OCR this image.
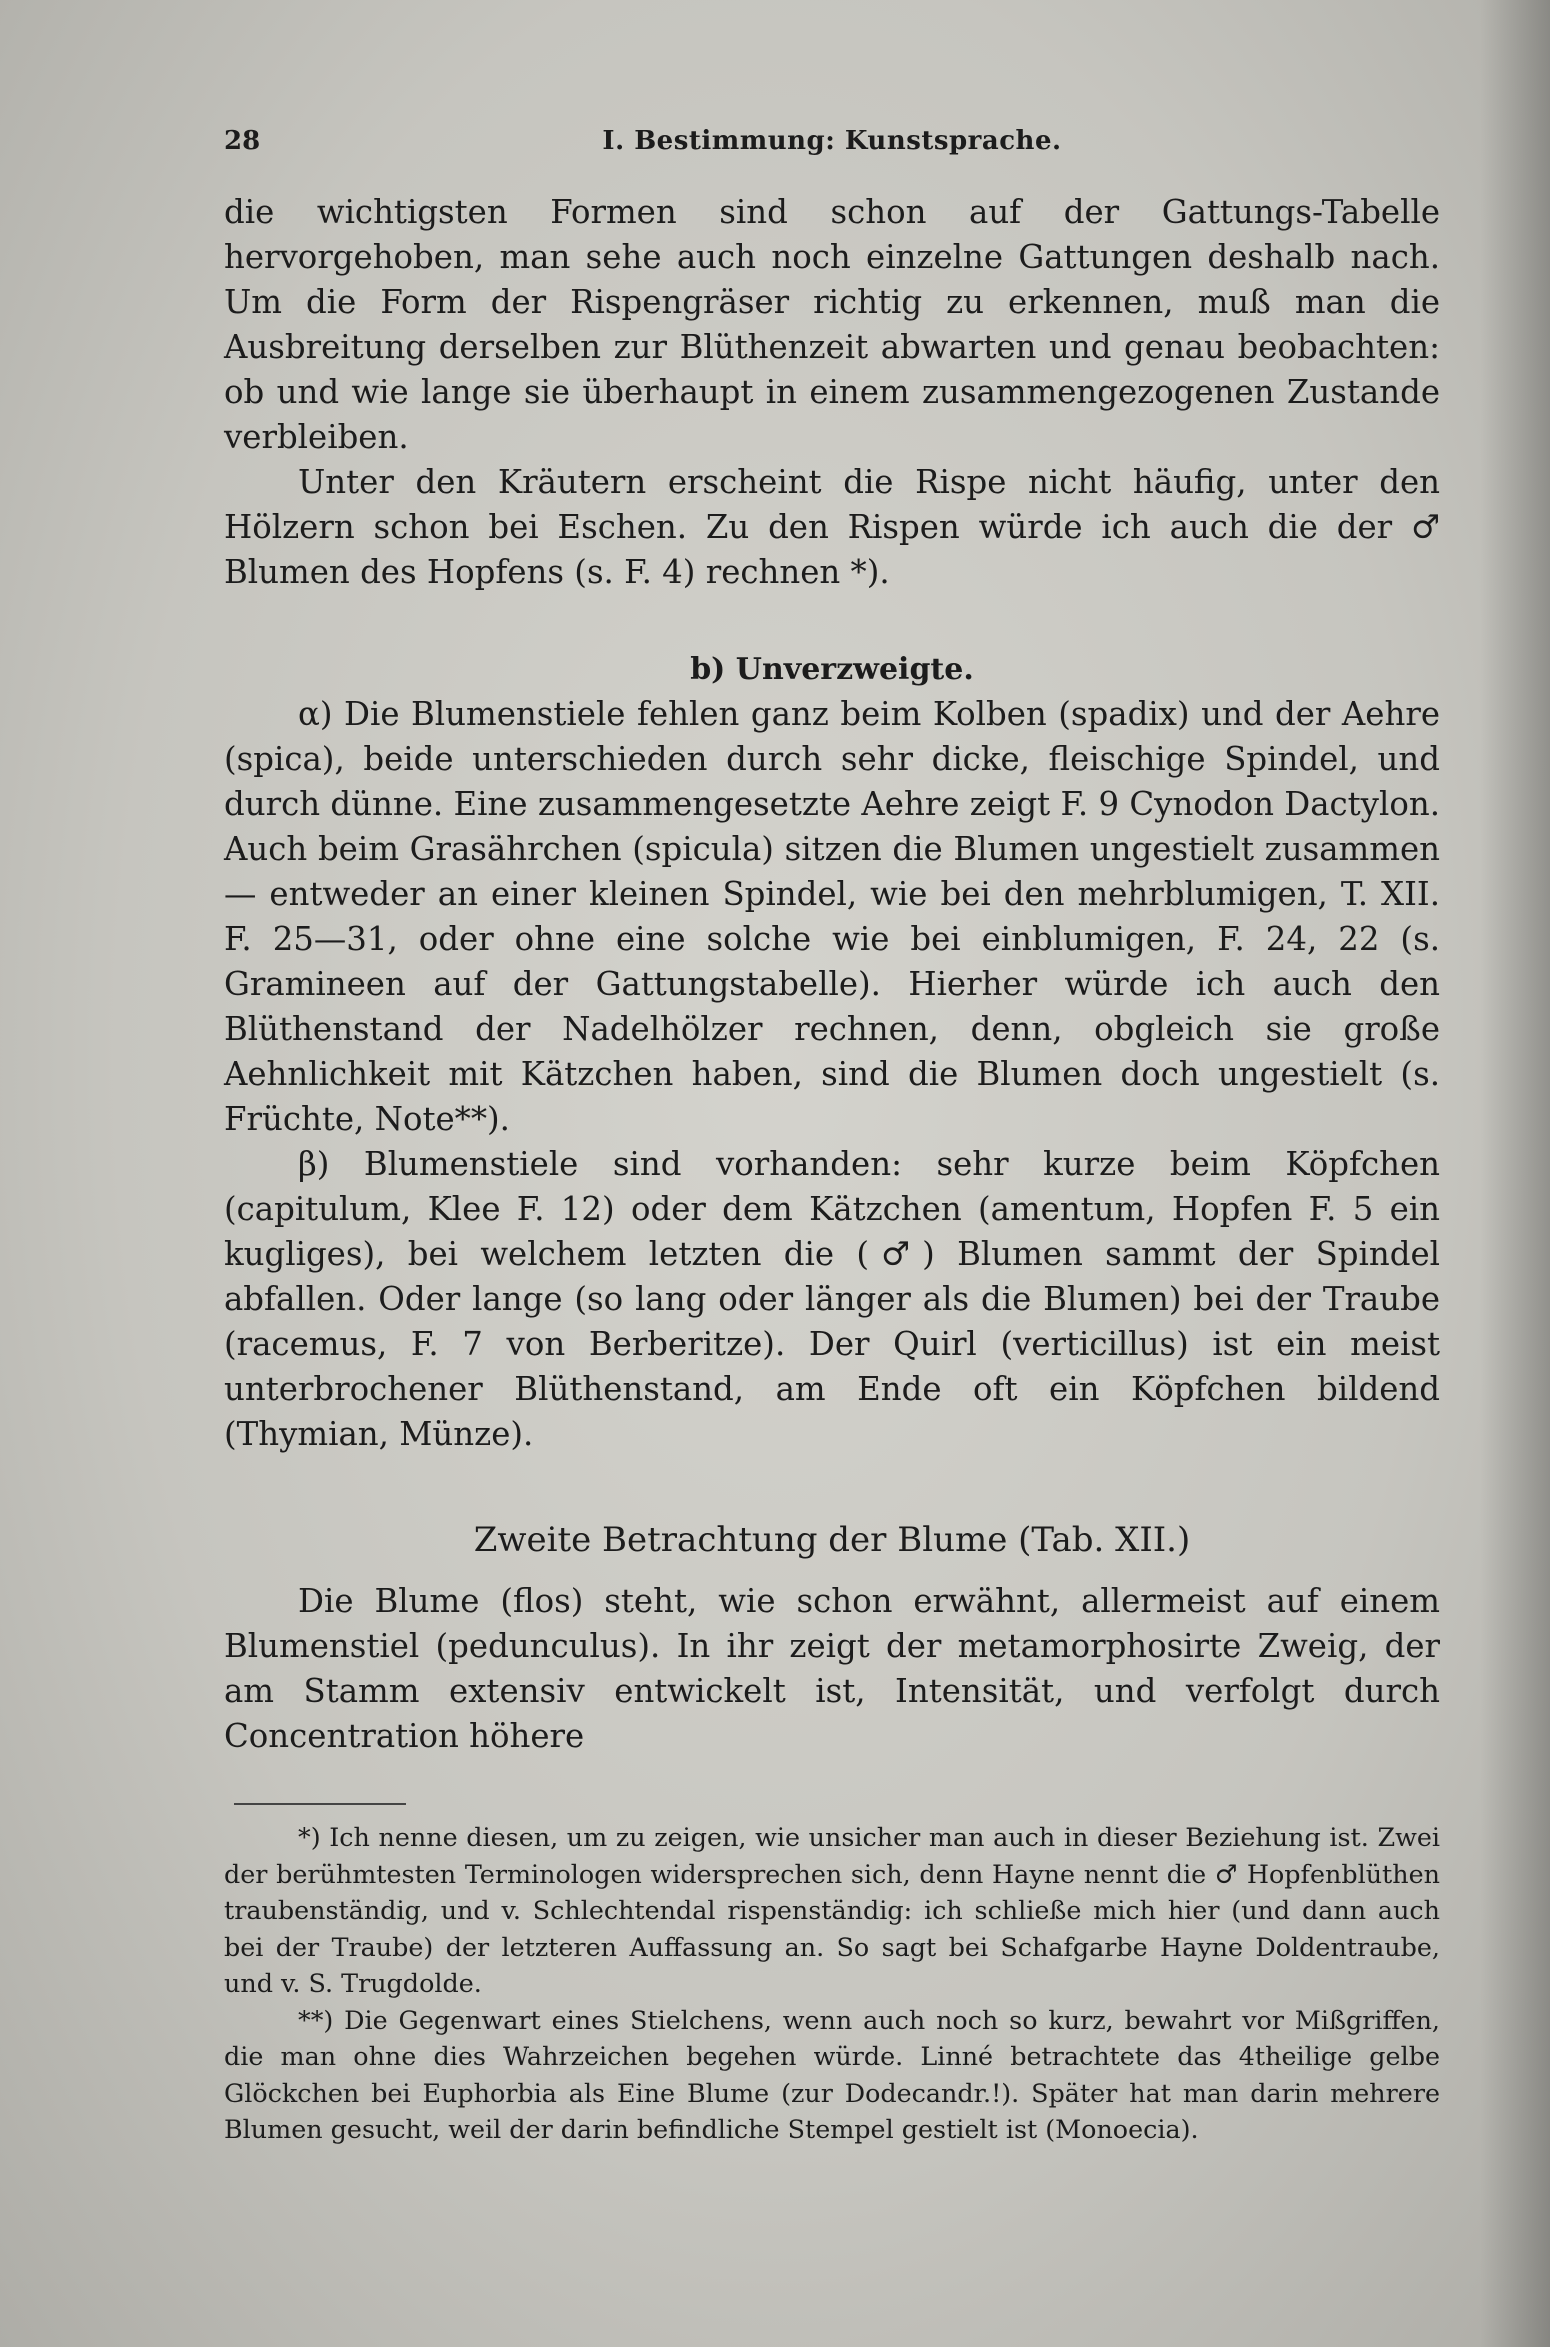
28	I. Bestimmung: Kunstsprache.

die wichtigsten Formen sind schon auf der Gattungs-Tabelle hervorgehoben, man sehe auch noch einzelne Gattungen deshalb nach. Um die Form der Rispengräser richtig zu erkennen, muß man die Ausbreitung derselben zur Blüthenzeit abwarten und genau beobachten: ob und wie lange sie überhaupt in einem zusammengezogenen Zustande verbleiben.

Unter den Kräutern erscheint die Rispe nicht häufig, unter den Hölzern schon bei Eschen. Zu den Rispen würde ich auch die der ♂ Blumen des Hopfens (s. F. 4) rechnen *).

b) Unverzweigte.

α) Die Blumenstiele fehlen ganz beim Kolben (spadix) und der Aehre (spica), beide unterschieden durch sehr dicke, fleischige Spindel, und durch dünne. Eine zusammengesetzte Aehre zeigt F. 9 Cynodon Dactylon. Auch beim Grasährchen (spicula) sitzen die Blumen ungestielt zusammen — entweder an einer kleinen Spindel, wie bei den mehrblumigen, T. XII. F. 25—31, oder ohne eine solche wie bei einblumigen, F. 24, 22 (s. Gramineen auf der Gattungstabelle). Hierher würde ich auch den Blüthenstand der Nadelhölzer rechnen, denn, obgleich sie große Aehnlichkeit mit Kätzchen haben, sind die Blumen doch ungestielt (s. Früchte, Note**).

β) Blumenstiele sind vorhanden: sehr kurze beim Köpfchen (capitulum, Klee F. 12) oder dem Kätzchen (amentum, Hopfen F. 5 ein kugliges), bei welchem letzten die (♂) Blumen sammt der Spindel abfallen. Oder lange (so lang oder länger als die Blumen) bei der Traube (racemus, F. 7 von Berberitze). Der Quirl (verticillus) ist ein meist unterbrochener Blüthenstand, am Ende oft ein Köpfchen bildend (Thymian, Münze).

Zweite Betrachtung der Blume (Tab. XII.)

Die Blume (flos) steht, wie schon erwähnt, allermeist auf einem Blumenstiel (pedunculus). In ihr zeigt der metamorphosirte Zweig, der am Stamm extensiv entwickelt ist, Intensität, und verfolgt durch Concentration höhere

*) Ich nenne diesen, um zu zeigen, wie unsicher man auch in dieser Beziehung ist. Zwei der berühmtesten Terminologen widersprechen sich, denn Hayne nennt die ♂ Hopfenblüthen traubenständig, und v. Schlechtendal rispenständig: ich schließe mich hier (und dann auch bei der Traube) der letzteren Auffassung an. So sagt bei Schafgarbe Hayne Doldentraube, und v. S. Trugdolde.

**) Die Gegenwart eines Stielchens, wenn auch noch so kurz, bewahrt vor Mißgriffen, die man ohne dies Wahrzeichen begehen würde. Linné betrachtete das 4theilige gelbe Glöckchen bei Euphorbia als Eine Blume (zur Dodecandr.!). Später hat man darin mehrere Blumen gesucht, weil der darin befindliche Stempel gestielt ist (Monoecia).
